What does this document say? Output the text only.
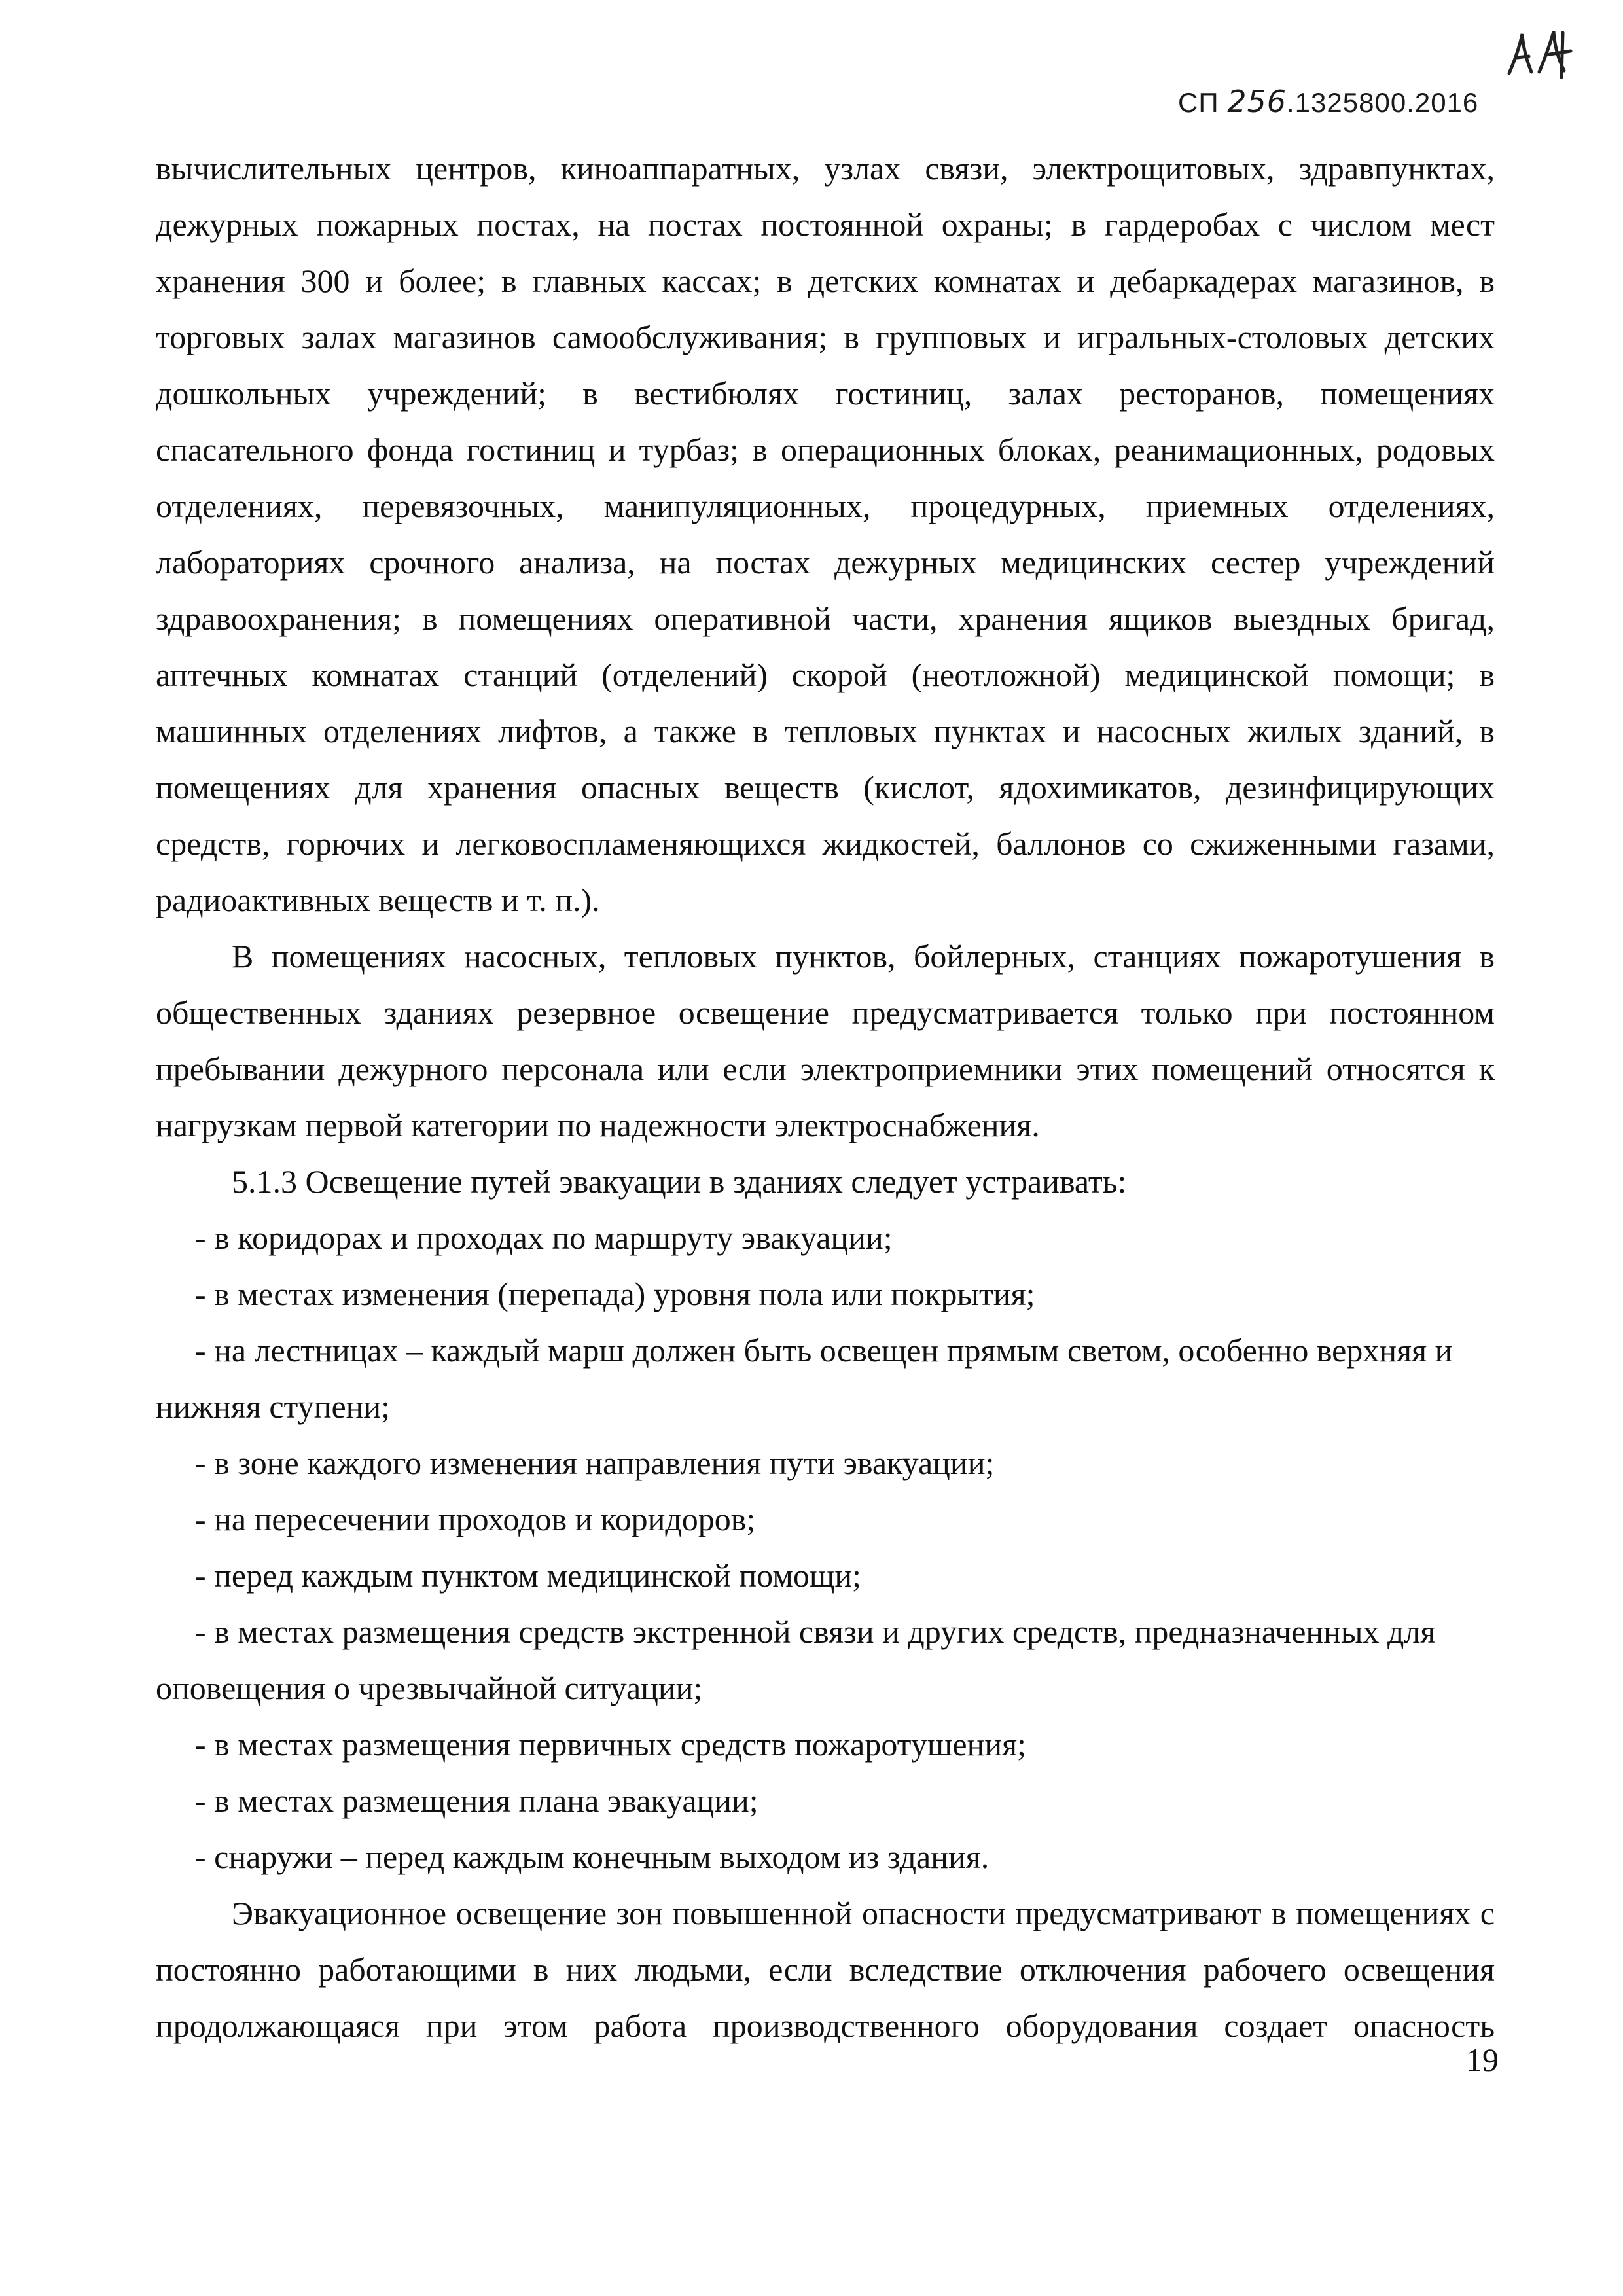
СП 256.1325800.2016

вычислительных центров, киноаппаратных, узлах связи, электрощитовых, здравпунктах, дежурных пожарных постах, на постах постоянной охраны; в гардеробах с числом мест хранения 300 и более; в главных кассах; в детских комнатах и дебаркадерах магазинов, в торговых залах магазинов самообслуживания; в групповых и игральных-столовых детских дошкольных учреждений; в вестибюлях гостиниц, залах ресторанов, помещениях спасательного фонда гостиниц и турбаз; в операционных блоках, реанимационных, родовых отделениях, перевязочных, манипуляционных, процедурных, приемных отделениях, лабораториях срочного анализа, на постах дежурных медицинских сестер учреждений здравоохранения; в помещениях оперативной части, хранения ящиков выездных бригад, аптечных комнатах станций (отделений) скорой (неотложной) медицинской помощи; в машинных отделениях лифтов, а также в тепловых пунктах и насосных жилых зданий, в помещениях для хранения опасных веществ (кислот, ядохимикатов, дезинфицирующих средств, горючих и легковоспламеняющихся жидкостей, баллонов со сжиженными газами, радиоактивных веществ и т. п.).

В помещениях насосных, тепловых пунктов, бойлерных, станциях пожаротушения в общественных зданиях резервное освещение предусматривается только при постоянном пребывании дежурного персонала или если электроприемники этих помещений относятся к нагрузкам первой категории по надежности электроснабжения.

5.1.3 Освещение путей эвакуации в зданиях следует устраивать:

- в коридорах и проходах по маршруту эвакуации;

- в местах изменения (перепада) уровня пола или покрытия;

- на лестницах – каждый марш должен быть освещен прямым светом, особенно верхняя и нижняя ступени;

- в зоне каждого изменения направления пути эвакуации;

- на пересечении проходов и коридоров;

- перед каждым пунктом медицинской помощи;

- в местах размещения средств экстренной связи и других средств, предназначенных для оповещения о чрезвычайной ситуации;

- в местах размещения первичных средств пожаротушения;

- в местах размещения плана эвакуации;

- снаружи – перед каждым конечным выходом из здания.

Эвакуационное освещение зон повышенной опасности предусматривают в помещениях с постоянно работающими в них людьми, если вследствие отключения рабочего освещения продолжающаяся при этом работа производственного оборудования создает опасность

19
